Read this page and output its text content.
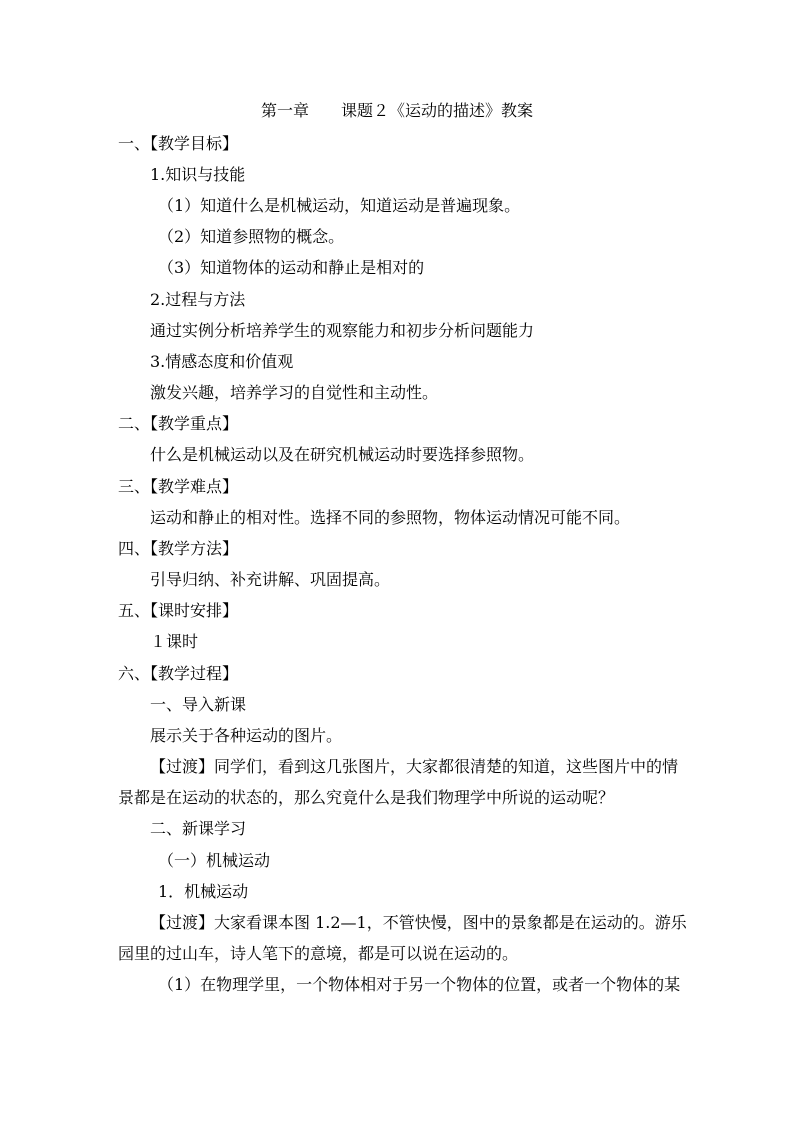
第一章　　课题２《运动的描述》教案
一、【教学目标】
1.知识与技能
（1）知道什么是机械运动，知道运动是普遍现象。
（2）知道参照物的概念。
（3）知道物体的运动和静止是相对的
2.过程与方法
通过实例分析培养学生的观察能力和初步分析问题能力
3.情感态度和价值观
激发兴趣，培养学习的自觉性和主动性。
二、【教学重点】
什么是机械运动以及在研究机械运动时要选择参照物。
三、【教学难点】
运动和静止的相对性。选择不同的参照物，物体运动情况可能不同。
四、【教学方法】
引导归纳、补充讲解、巩固提高。
五、【课时安排】
１课时
六、【教学过程】
一、导入新课
展示关于各种运动的图片。
【过渡】同学们，看到这几张图片，大家都很清楚的知道，这些图片中的情
景都是在运动的状态的，那么究竟什么是我们物理学中所说的运动呢？
二、新课学习
（一）机械运动
1．机械运动
【过渡】大家看课本图 1.2—1，不管快慢，图中的景象都是在运动的。游乐
园里的过山车，诗人笔下的意境，都是可以说在运动的。
（1）在物理学里，一个物体相对于另一个物体的位置，或者一个物体的某
